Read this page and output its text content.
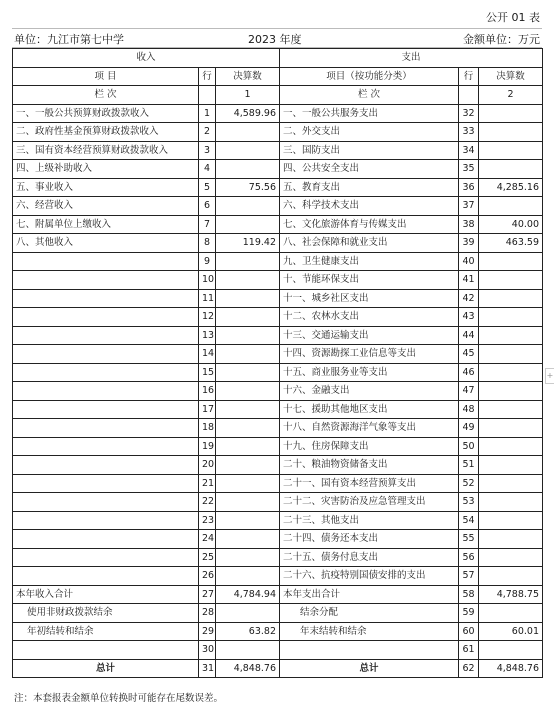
公开 01 表
单位：九江市第七中学	2023 年度	金额单位：万元
收入			支出		
项 目	行	决算数	项目（按功能分类）	行	决算数
栏 次		1	栏 次		2
一、一般公共预算财政拨款收入	1	4,589.96	一、一般公共服务支出	32	
二、政府性基金预算财政拨款收入	2		二、外交支出	33	
三、国有资本经营预算财政拨款收入	3		三、国防支出	34	
四、上级补助收入	4		四、公共安全支出	35	
五、事业收入	5	75.56	五、教育支出	36	4,285.16
六、经营收入	6		六、科学技术支出	37	
七、附属单位上缴收入	7		七、文化旅游体育与传媒支出	38	40.00
八、其他收入	8	119.42	八、社会保障和就业支出	39	463.59
	9		九、卫生健康支出	40	
	10		十、节能环保支出	41	
	11		十一、城乡社区支出	42	
	12		十二、农林水支出	43	
	13		十三、交通运输支出	44	
	14		十四、资源勘探工业信息等支出	45	
	15		十五、商业服务业等支出	46	
	16		十六、金融支出	47	
	17		十七、援助其他地区支出	48	
	18		十八、自然资源海洋气象等支出	49	
	19		十九、住房保障支出	50	
	20		二十、粮油物资储备支出	51	
	21		二十一、国有资本经营预算支出	52	
	22		二十二、灾害防治及应急管理支出	53	
	23		二十三、其他支出	54	
	24		二十四、债务还本支出	55	
	25		二十五、债务付息支出	56	
	26		二十六、抗疫特别国债安排的支出	57	
本年收入合计	27	4,784.94	本年支出合计	58	4,788.75
使用非财政拨款结余	28		结余分配	59	
年初结转和结余	29	63.82	年末结转和结余	60	60.01
	30			61	
总计	31	4,848.76	总计	62	4,848.76
注：本套报表金额单位转换时可能存在尾数误差。
+
